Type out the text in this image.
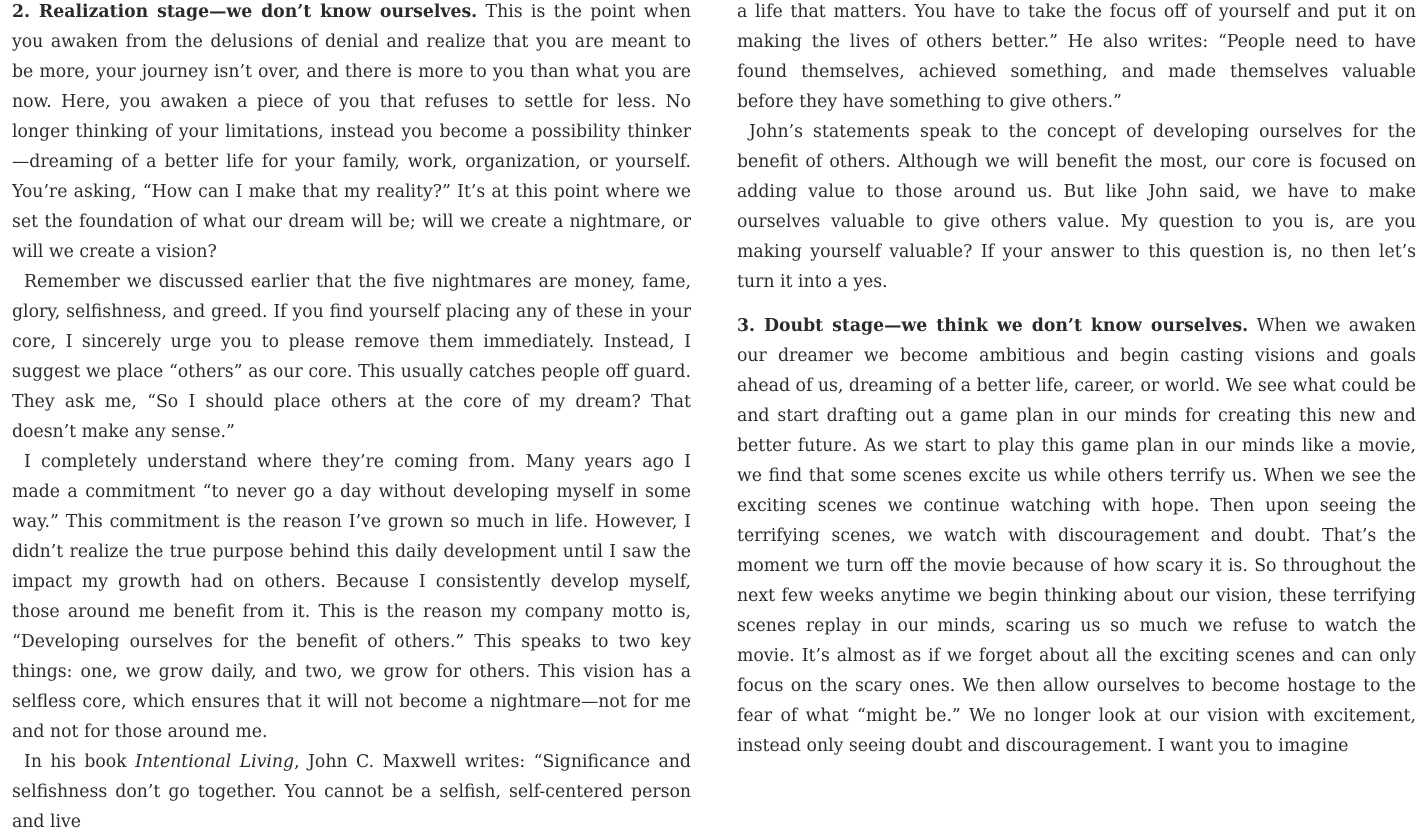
2. Realization stage—we don’t know ourselves. This is the point when you awaken from the delusions of denial and realize that you are meant to be more, your journey isn’t over, and there is more to you than what you are now. Here, you awaken a piece of you that refuses to settle for less. No longer thinking of your limitations, instead you become a possibility thinker—dreaming of a better life for your family, work, organization, or yourself. You’re asking, “How can I make that my reality?” It’s at this point where we set the foundation of what our dream will be; will we create a nightmare, or will we create a vision?

Remember we discussed earlier that the five nightmares are money, fame, glory, selfishness, and greed. If you find yourself placing any of these in your core, I sincerely urge you to please remove them immediately. Instead, I suggest we place “others” as our core. This usually catches people off guard. They ask me, “So I should place others at the core of my dream? That doesn’t make any sense.”

I completely understand where they’re coming from. Many years ago I made a commitment “to never go a day without developing myself in some way.” This commitment is the reason I’ve grown so much in life. However, I didn’t realize the true purpose behind this daily development until I saw the impact my growth had on others. Because I consistently develop myself, those around me benefit from it. This is the reason my company motto is, “Developing ourselves for the benefit of others.” This speaks to two key things: one, we grow daily, and two, we grow for others. This vision has a selfless core, which ensures that it will not become a nightmare—not for me and not for those around me.

In his book Intentional Living, John C. Maxwell writes: “Significance and selfishness don’t go together. You cannot be a selfish, self-centered person and live

a life that matters. You have to take the focus off of yourself and put it on making the lives of others better.” He also writes: “People need to have found themselves, achieved something, and made themselves valuable before they have something to give others.”

John’s statements speak to the concept of developing ourselves for the benefit of others. Although we will benefit the most, our core is focused on adding value to those around us. But like John said, we have to make ourselves valuable to give others value. My question to you is, are you making yourself valuable? If your answer to this question is, no then let’s turn it into a yes.

3. Doubt stage—we think we don’t know ourselves. When we awaken our dreamer we become ambitious and begin casting visions and goals ahead of us, dreaming of a better life, career, or world. We see what could be and start drafting out a game plan in our minds for creating this new and better future. As we start to play this game plan in our minds like a movie, we find that some scenes excite us while others terrify us. When we see the exciting scenes we continue watching with hope. Then upon seeing the terrifying scenes, we watch with discouragement and doubt. That’s the moment we turn off the movie because of how scary it is. So throughout the next few weeks anytime we begin thinking about our vision, these terrifying scenes replay in our minds, scaring us so much we refuse to watch the movie. It’s almost as if we forget about all the exciting scenes and can only focus on the scary ones. We then allow ourselves to become hostage to the fear of what “might be.” We no longer look at our vision with excitement, instead only seeing doubt and discouragement. I want you to imagine
